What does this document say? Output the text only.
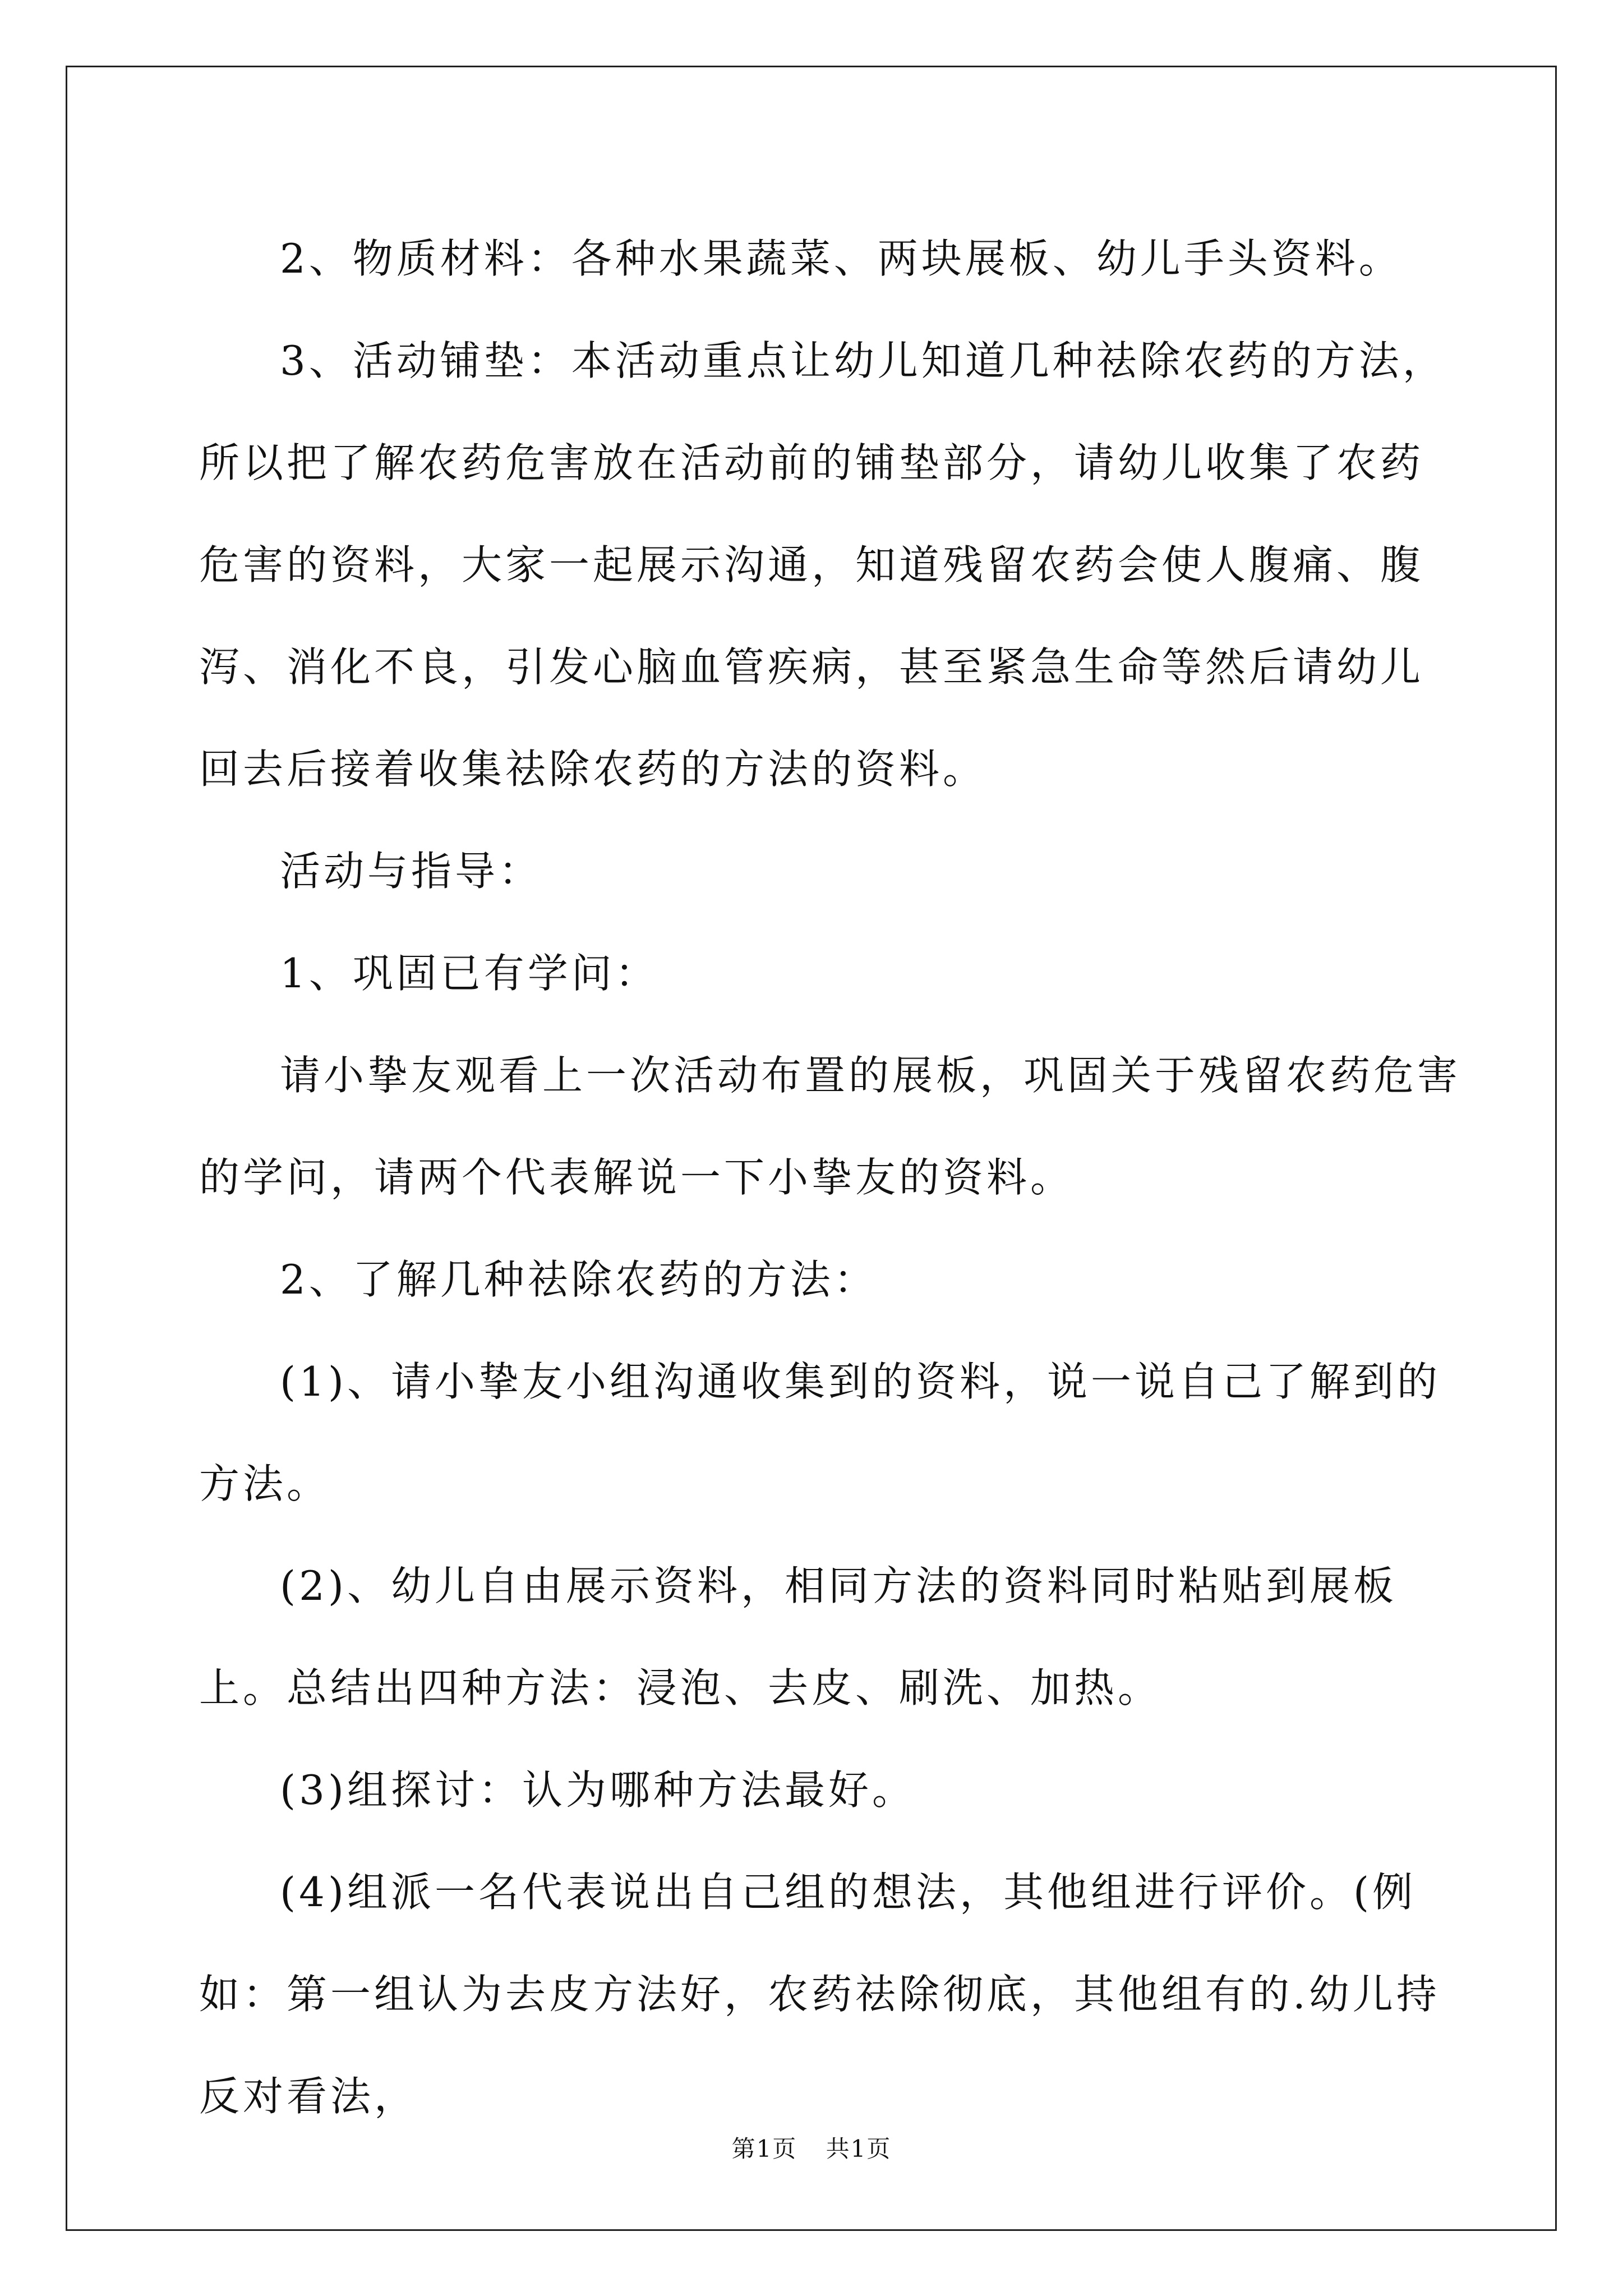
2、物质材料：各种水果蔬菜、两块展板、幼儿手头资料。

3、活动铺垫：本活动重点让幼儿知道几种祛除农药的方法，所以把了解农药危害放在活动前的铺垫部分，请幼儿收集了农药危害的资料，大家一起展示沟通，知道残留农药会使人腹痛、腹泻、消化不良，引发心脑血管疾病，甚至紧急生命等然后请幼儿回去后接着收集祛除农药的方法的资料。

活动与指导：

1、巩固已有学问：

请小挚友观看上一次活动布置的展板，巩固关于残留农药危害的学问，请两个代表解说一下小挚友的资料。

2、了解几种祛除农药的方法：

(1)、请小挚友小组沟通收集到的资料，说一说自己了解到的方法。

(2)、幼儿自由展示资料，相同方法的资料同时粘贴到展板上。总结出四种方法：浸泡、去皮、刷洗、加热。

(3)组探讨：认为哪种方法最好。

(4)组派一名代表说出自己组的想法，其他组进行评价。(例如：第一组认为去皮方法好，农药祛除彻底，其他组有的.幼儿持反对看法，

第1页 共1页
